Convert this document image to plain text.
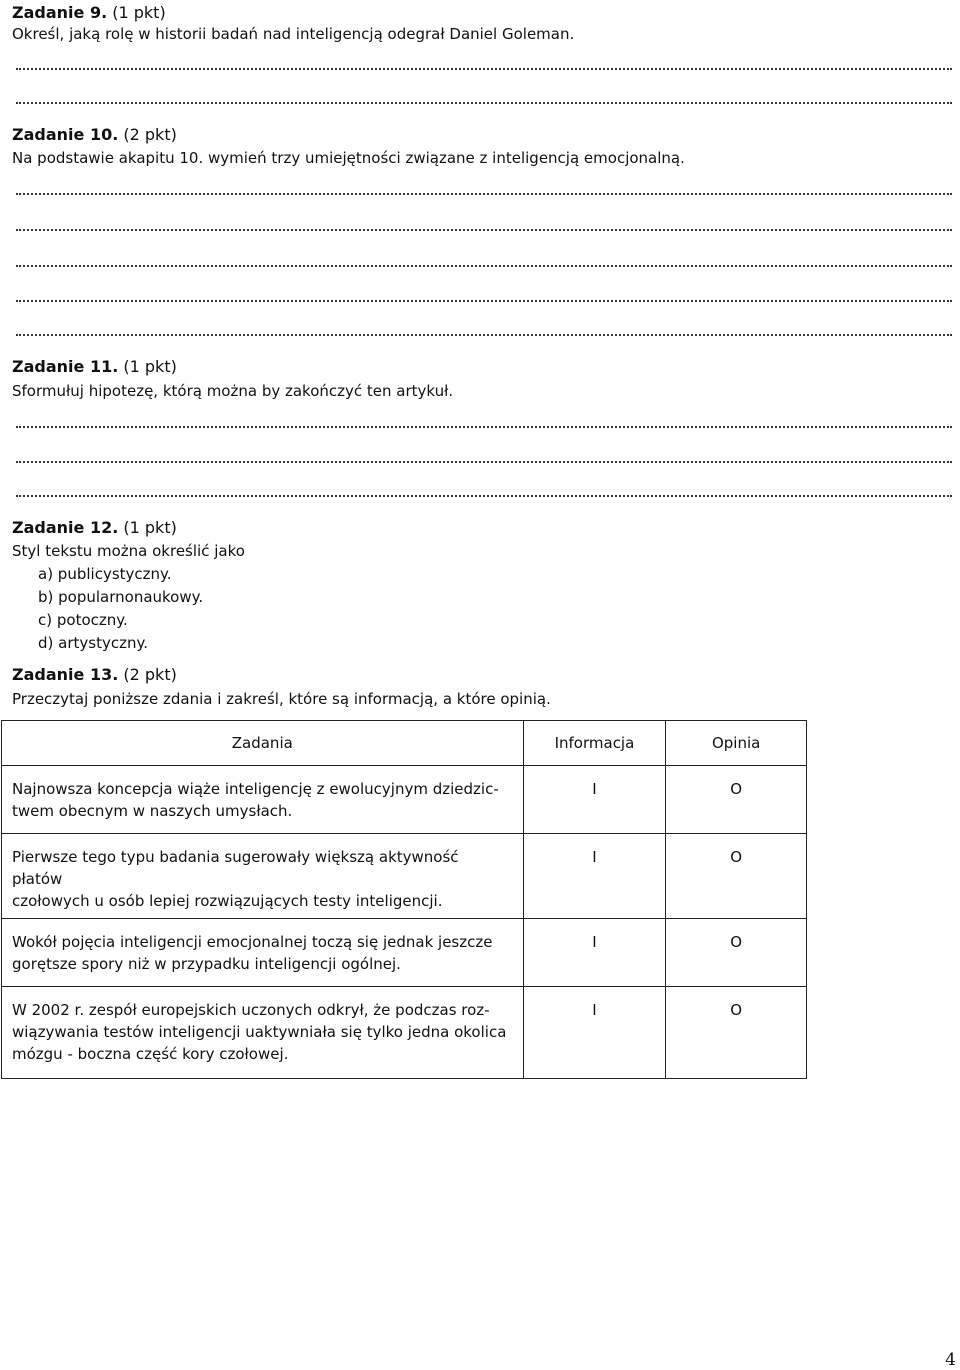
Zadanie 9. (1 pkt)
Określ, jaką rolę w historii badań nad inteligencją odegrał Daniel Goleman.
Zadanie 10. (2 pkt)
Na podstawie akapitu 10. wymień trzy umiejętności związane z inteligencją emocjonalną.
Zadanie 11. (1 pkt)
Sformułuj hipotezę, którą można by zakończyć ten artykuł.
Zadanie 12. (1 pkt)
Styl tekstu można określić jako
a) publicystyczny.
b) popularnonaukowy.
c) potoczny.
d) artystyczny.
Zadanie 13. (2 pkt)
Przeczytaj poniższe zdania i zakreśl, które są informacją, a które opinią.
Zadania	Informacja	Opinia

Najnowsza koncepcja wiąże inteligencję z ewolucyjnym dziedzic-
twem obecnym w naszych umysłach.	I	O

Pierwsze tego typu badania sugerowały większą aktywność płatów
czołowych u osób lepiej rozwiązujących testy inteligencji.	I	O

Wokół pojęcia inteligencji emocjonalnej toczą się jednak jeszcze
gorętsze spory niż w przypadku inteligencji ogólnej.	I	O

W 2002 r. zespół europejskich uczonych odkrył, że podczas roz-
wiązywania testów inteligencji uaktywniała się tylko jedna okolica
mózgu - boczna część kory czołowej.	I	O
4
